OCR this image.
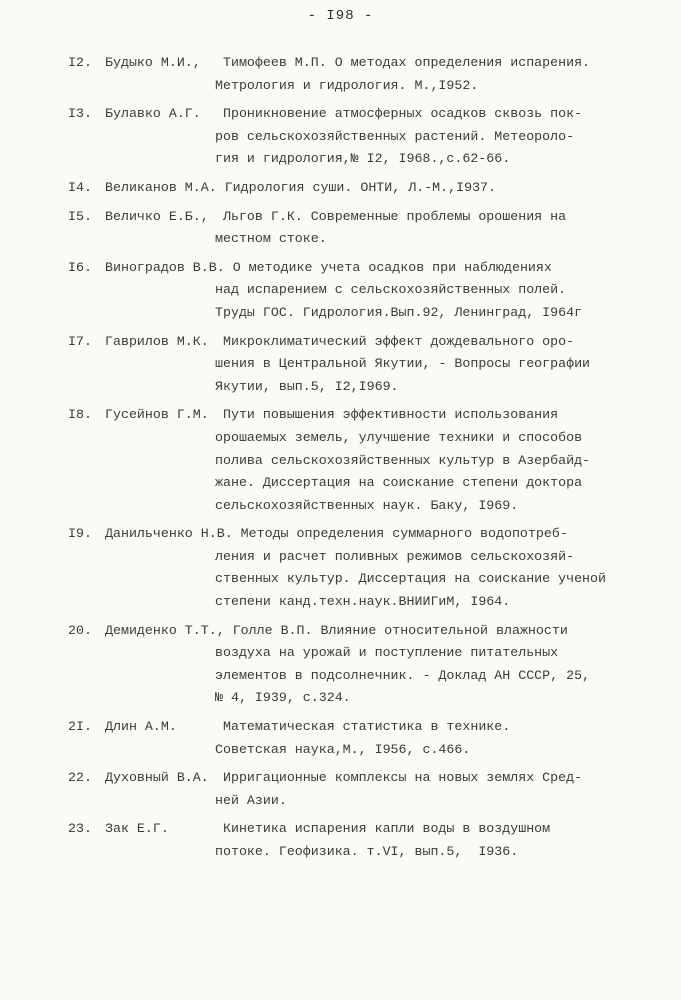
- I98 -
I2. Будыко М.И., Тимофеев М.П. О методах определения испарения.
Метрология и гидрология. М.,I952.
I3. Булавко А.Г. Проникновение атмосферных осадков сквозь пок-
ров сельскохозяйственных растений. Метеороло-
гия и гидрология,№ I2, I968.,с.62-66.
I4. Великанов М.А. Гидрология суши. ОНТИ, Л.-М.,I937.
I5. Величко Е.Б., Льгов Г.К. Современные проблемы орошения на
местном стоке.
I6. Виноградов В.В. О методике учета осадков при наблюдениях
над испарением с сельскохозяйственных полей.
Труды ГОС. Гидрология.Вып.92, Ленинград, I964г
I7. Гаврилов М.К. Микроклиматический эффект дождевального оро-
шения в Центральной Якутии, - Вопросы географии
Якутии, вып.5, I2,I969.
I8. Гусейнов Г.М. Пути повышения эффективности использования
орошаемых земель, улучшение техники и способов
полива сельскохозяйственных культур в Азербайд-
жане. Диссертация на соискание степени доктора
сельскохозяйственных наук. Баку, I969.
I9. Данильченко Н.В. Методы определения суммарного водопотреб-
ления и расчет поливных режимов сельскохозяй-
ственных культур. Диссертация на соискание ученой
степени канд.техн.наук.ВНИИГиМ, I964.
20. Демиденко Т.Т., Голле В.П. Влияние относительной влажности
воздуха на урожай и поступление питательных
элементов в подсолнечник. - Доклад АН СССР, 25,
№ 4, I939, с.324.
2I. Длин А.М.	Математическая статистика в технике.
Советская наука,М., I956, с.466.
22. Духовный В.А. Ирригационные комплексы на новых землях Сред-
ней Азии.
23. Зак Е.Г.	Кинетика испарения капли воды в воздушном
потоке. Геофизика. т.VI, вып.5,  I936.
